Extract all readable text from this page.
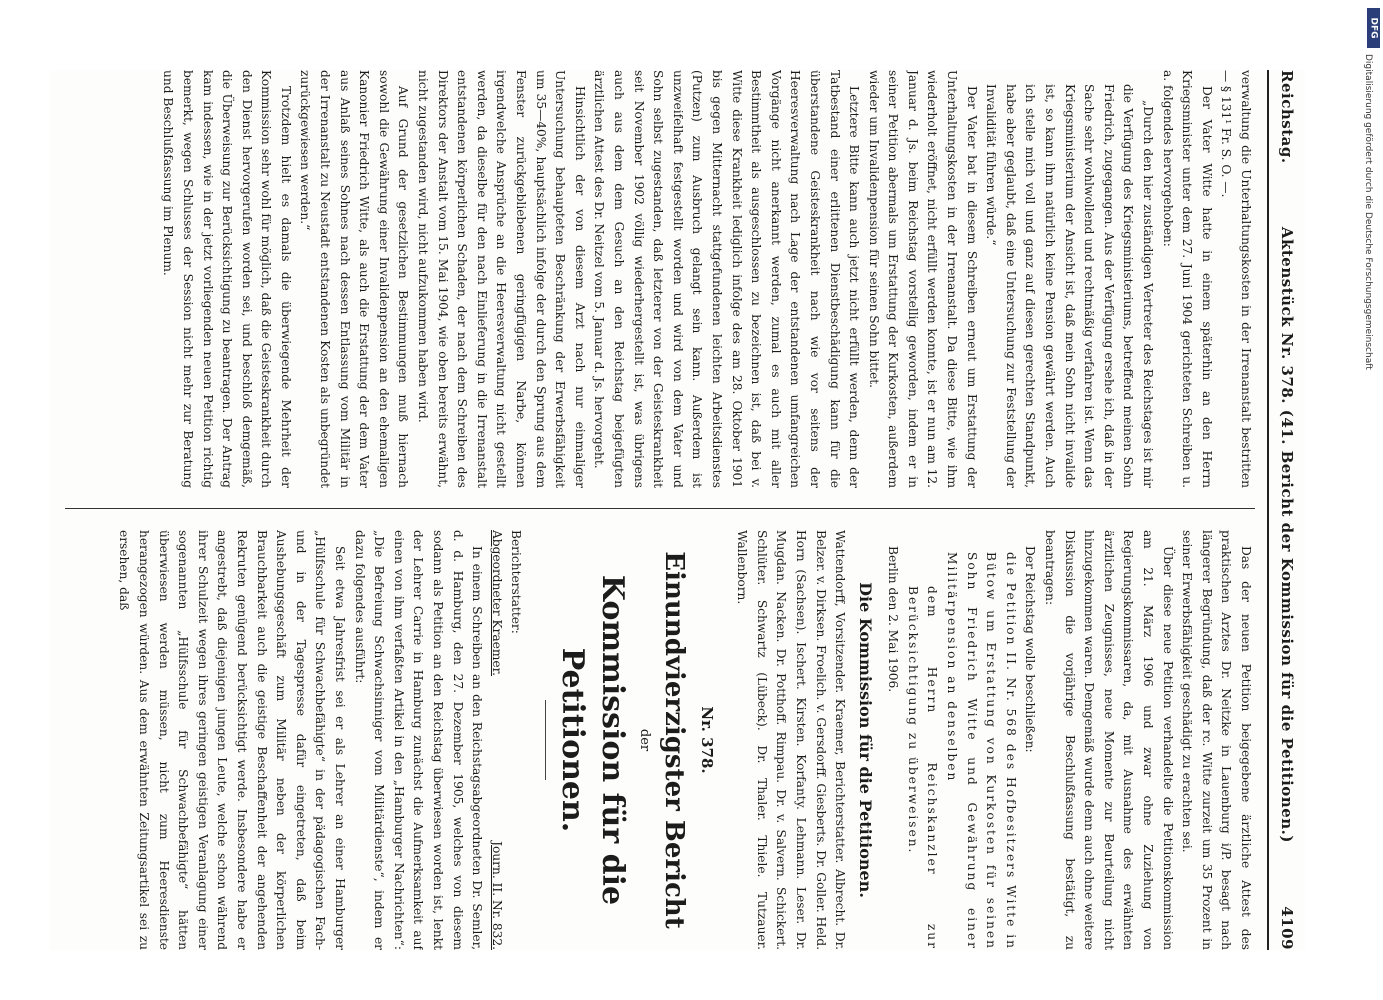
Reichstag.
Aktenstück Nr. 378. (41. Bericht der Kommission für die Petitionen.)
4109

verwaltung die Unterhaltungskosten in der Irrenanstalt bestritten — § 131¹ Fr. S. O. —.

Der Vater Witte hatte in einem späterhin an den Herrn Kriegsminister unter dem 27. Juni 1904 gerichteten Schreiben u. a. folgendes hervorgehoben:

„Durch den hier zuständigen Vertreter des Reichstages ist mir die Verfügung des Kriegsministeriums, betreffend meinen Sohn Friedrich, zugegangen. Aus der Verfügung ersehe ich, daß in der Sache sehr wohlwollend und rechtmäßig verfahren ist. Wenn das Kriegsministerium der Ansicht ist, daß mein Sohn nicht invalide ist, so kann ihm natürlich keine Pension gewährt werden. Auch ich stelle mich voll und ganz auf diesen gerechten Standpunkt, habe aber geglaubt, daß eine Untersuchung zur Feststellung der Invalidität führen würde.“

Der Vater bat in diesem Schreiben erneut um Erstattung der Unterhaltungskosten in der Irrenanstalt. Da diese Bitte, wie ihm wiederholt eröffnet, nicht erfüllt werden konnte, ist er nun am 12. Januar d. Js. beim Reichstag vorstellig geworden, indem er in seiner Petition abermals um Erstattung der Kurkosten, außerdem wieder um Invalidenpension für seinen Sohn bittet.

Letztere Bitte kann auch jetzt nicht erfüllt werden, denn der Tatbestand einer erlittenen Dienstbeschädigung kann für die überstandene Geisteskrankheit nach wie vor seitens der Heeresverwaltung nach Lage der entstandenen umfangreichen Vorgänge nicht anerkannt werden, zumal es auch mit aller Bestimmtheit als ausgeschlossen zu bezeichnen ist, daß bei v. Witte diese Krankheit lediglich infolge des am 28. Oktober 1901 bis gegen Mitternacht stattgefundenen leichten Arbeitsdienstes (Putzen) zum Ausbruch gelangt sein kann. Außerdem ist unzweifelhaft festgestellt worden und wird von dem Vater und Sohn selbst zugestanden, daß letzterer von der Geisteskrankheit seit November 1902 völlig wiederhergestellt ist, was übrigens auch aus dem dem Gesuch an den Reichstag beigefügten ärztlichen Attest des Dr. Neitzel vom 5. Januar d. Js. hervorgeht.

Hinsichtlich der von diesem Arzt nach nur einmaliger Untersuchung behaupteten Beschränkung der Erwerbsfähigkeit um 35—40%, hauptsächlich infolge der durch den Sprung aus dem Fenster zurückgebliebenen geringfügigen Narbe, können irgendwelche Ansprüche an die Heeresverwaltung nicht gestellt werden, da dieselbe für den nach Einlieferung in die Irrenanstalt entstandenen körperlichen Schaden, der nach dem Schreiben des Direktors der Anstalt vom 15. Mai 1904, wie oben bereits erwähnt, nicht zugestanden wird, nicht aufzukommen haben wird.

Auf Grund der gesetzlichen Bestimmungen muß hiernach sowohl die Gewährung einer Invalidenpension an den ehemaligen Kanonier Friedrich Witte, als auch die Erstattung der dem Vater aus Anlaß seines Sohnes nach dessen Entlassung vom Militär in der Irrenanstalt zu Neustadt entstandenen Kosten als unbegründet zurückgewiesen werden.“

Trotzdem hielt es damals die überwiegende Mehrheit der Kommission sehr wohl für möglich, daß die Geisteskrankheit durch den Dienst hervorgerufen worden sei, und beschloß demgemäß, die Überweisung zur Berücksichtigung zu beantragen. Der Antrag kam indessen, wie in der jetzt vorliegenden neuen Petition richtig bemerkt, wegen Schlusses der Session nicht mehr zur Beratung und Beschlußfassung im Plenum.

Das der neuen Petition beigegebene ärztliche Attest des praktischen Arztes Dr. Neitzke in Lauenburg i/P. besagt nach längerer Begründung, daß der rc. Witte zurzeit um 35 Prozent in seiner Erwerbsfähigkeit geschädigt zu erachten sei.

Über diese neue Petition verhandelte die Petitionskommission am 21. März 1906 und zwar ohne Zuziehung von Regierungskommissaren, da, mit Ausnahme des erwähnten ärztlichen Zeugnisses, neue Momente zur Beurteilung nicht hinzugekommen waren. Demgemäß wurde denn auch ohne weitere Diskussion die vorjährige Beschlußfassung bestätigt, zu beantragen:

Der Reichstag wolle beschließen:

die Petition II. Nr. 568 des Hofbesitzers Witte in Bütow um Erstattung von Kurkosten für seinen Sohn Friedrich Witte und Gewährung einer Militärpension an denselben

dem Herrn Reichskanzler zur Berücksichtigung zu überweisen.

Berlin den 2. Mai 1906.

Die Kommission für die Petitionen.

Wattendorff, Vorsitzender. Kraemer, Berichterstatter. Albrecht. Dr. Belzer. v. Dirksen. Froelich. v. Gersdorff. Giesberts. Dr. Goller. Held. Horn (Sachsen). Ischert. Kirsten. Korfanty. Lehmann. Leser. Dr. Mugdan. Nacken. Dr. Potthoff. Rimpau. Dr. v. Salvern. Schickert. Schlüter. Schwartz (Lübeck). Dr. Thaler. Thiele. Tutzauer. Wallenborn.

Nr. 378.
Einundvierzigster Bericht
der
Kommission für die Petitionen.
Berichterstatter:
Abgeordneter Kraemer.
Journ. II. Nr. 832.

In einem Schreiben an den Reichstagsabgeordneten Dr. Semler, d. d. Hamburg, den 27. Dezember 1905, welches von diesem sodann als Petition an den Reichstag überwiesen worden ist, lenkt der Lehrer Carrie in Hamburg zunächst die Aufmerksamkeit auf einen von ihm verfaßten Artikel in den „Hamburger Nachrichten“: „Die Befreiung Schwachsinniger vom Militärdienste“, indem er dazu folgendes ausführt:

Seit etwa Jahresfrist sei er als Lehrer an einer Hamburger „Hülfsschule für Schwachbefähigte“ in der pädagogischen Fach- und in der Tagespresse dafür eingetreten, daß beim Aushebungsgeschäft zum Militär neben der körperlichen Brauchbarkeit auch die geistige Beschaffenheit der angehenden Rekruten genügend berücksichtigt werde. Insbesondere habe er angestrebt, daß diejenigen jungen Leute, welche schon während ihrer Schulzeit wegen ihres geringen geistigen Veranlagung einer sogenannten „Hülfsschule für Schwachbefähigte“ hätten überwiesen werden müssen, nicht zum Heeresdienste herangezogen würden. Aus dem erwähnten Zeitungsartikel sei zu ersehen, daß

DFG
Digitalisierung gefördert durch die Deutsche Forschungsgemeinschaft
